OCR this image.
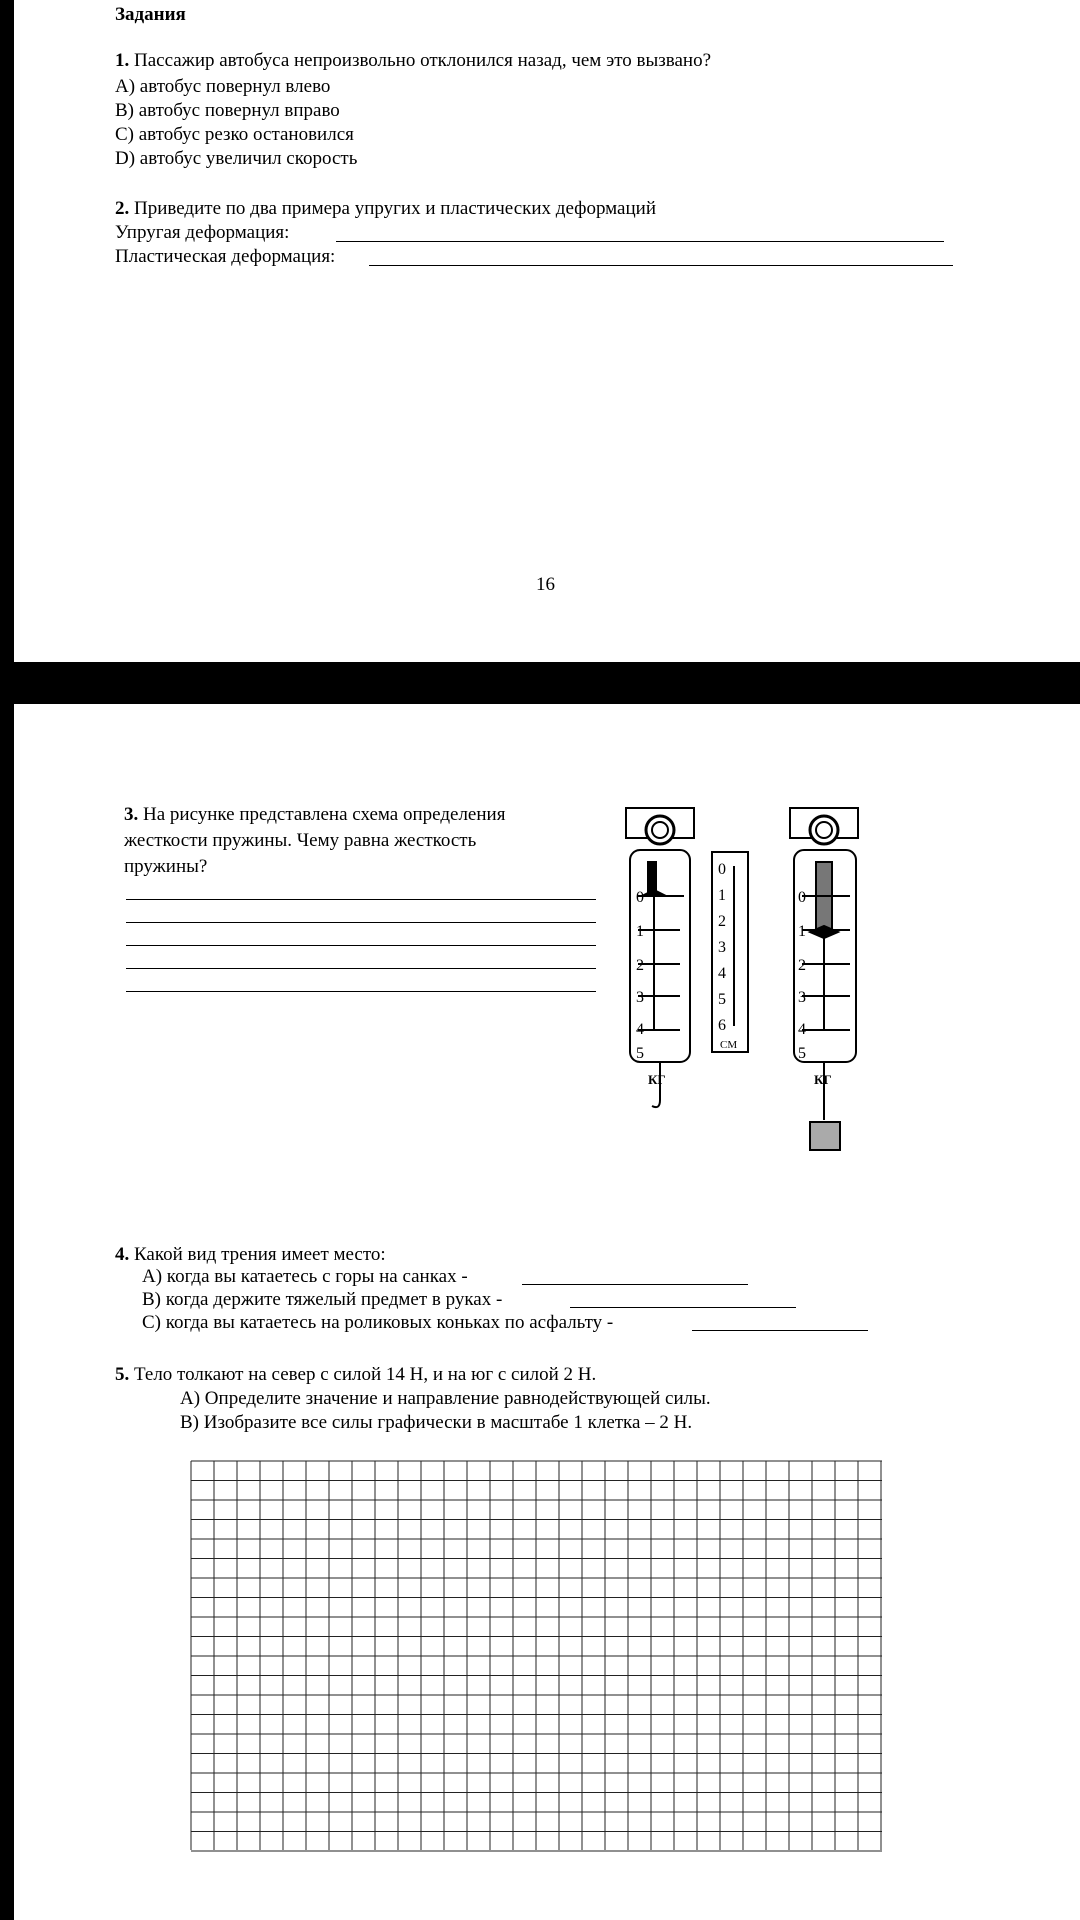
Задания
1. Пассажир автобуса непроизвольно отклонился назад, чем это вызвано?
А) автобус повернул влево
В) автобус повернул вправо
С) автобус резко остановился
D) автобус увеличил скорость
2. Приведите по два примера упругих и пластических деформаций
Упругая деформация:
Пластическая деформация:
16
3. На рисунке представлена схема определения
жесткости пружины. Чему равна жесткость
пружины?
0
1
2
3
4
5
КГ
0
1
2
3
4
5
6
СМ
0
1
2
3
4
5
КГ
4. Какой вид трения имеет место:
А) когда вы катаетесь с горы на санках -
В) когда держите тяжелый предмет в руках -
С) когда вы катаетесь на роликовых коньках по асфальту -
5. Тело толкают на север с силой 14 Н, и на юг с силой 2 Н.
А) Определите значение и направление равнодействующей силы.
В) Изобразите все силы графически в масштабе 1 клетка – 2 Н.
